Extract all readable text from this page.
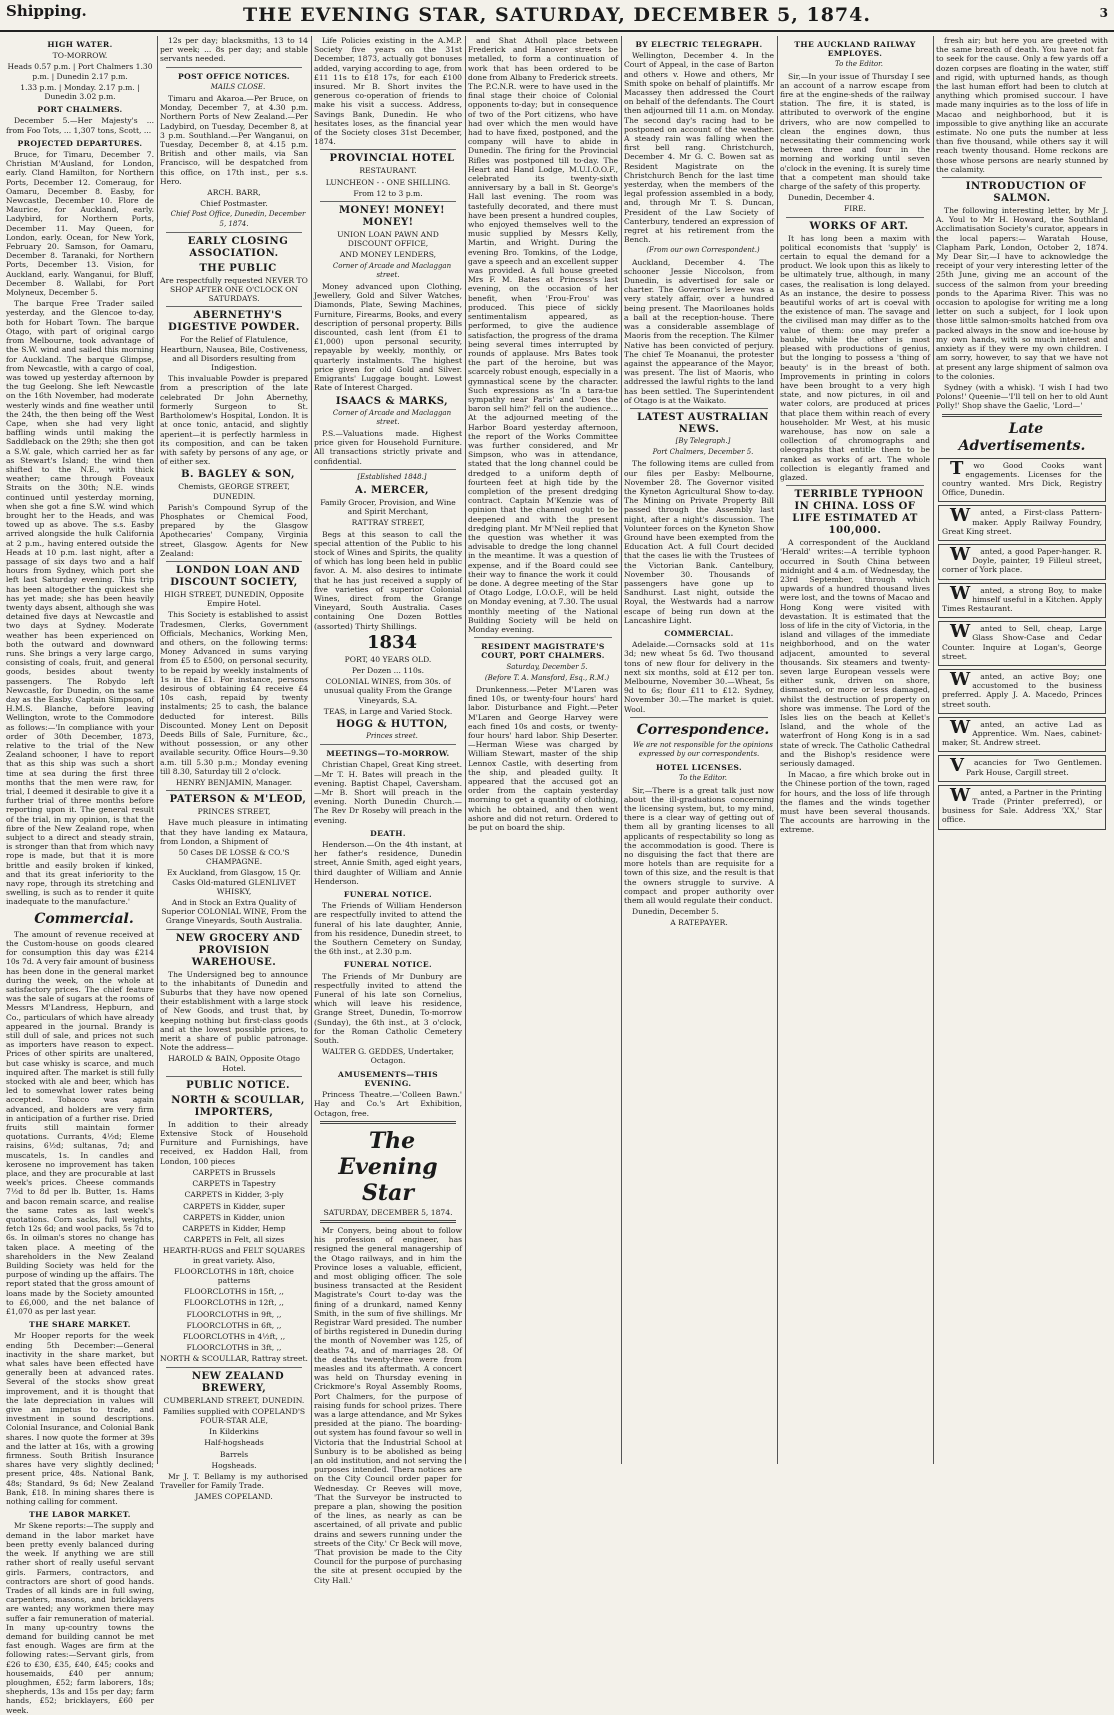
Shipping.	THE EVENING STAR, SATURDAY, DECEMBER 5, 1874.	3

HIGH WATER.

TO-MORROW.

Heads 0.57 p.m. | Port Chalmers 1.30 p.m. | Dunedin 2.17 p.m.

1.33 p.m. | Monday. 2.17 p.m. | Dunedin 3.02 p.m.

PORT CHALMERS.

December 5.—Her Majesty's ... from Foo Tots, ... 1,307 tons, Scott, ...

PROJECTED DEPARTURES.

Bruce, for Timaru, December 7. Christian M'Ausland, for London, early. Cland Hamilton, for Northern Ports, December 12. Comeraug, for Oamaru, December 8. Easby, for Newcastle, December 10. Flore de Maurice, for Auckland, early. Ladybird, for Northern Ports, December 11. May Queen, for London, early. Ocean, for New York, February 20. Samson, for Oamaru, December 8. Taranaki, for Northern Ports, December 13. Vision, for Auckland, early. Wanganui, for Bluff, December 8. Wallabi, for Port Molyneux, December 5.

The barque Free Trader sailed yesterday, and the Glencoe to-day, both for Hobart Town. The barque Otago, with part of original cargo from Melbourne, took advantage of the S.W. wind and sailed this morning for Auckland. The barque Glimpse, from Newcastle, with a cargo of coal, was towed up yesterday afternoon by the tug Geelong. She left Newcastle on the 16th November, had moderate westerly winds and fine weather until the 24th, the then being off the West Cape, when she had very light baffling winds until making the Saddleback on the 29th; she then got a S.W. gale, which carried her as far as Stewart's Island; the wind then shifted to the N.E., with thick weather; came through Foveaux Straits on the 30th; N.E. winds continued until yesterday morning, when she got a fine S.W. wind which brought her to the Heads, and was towed up as above. The s.s. Easby arrived alongside the hulk California at 2 p.m., having entered outside the Heads at 10 p.m. last night, after a passage of six days two and a half hours from Sydney, which port she left last Saturday evening. This trip has been altogether the quickest she has yet made; she has been heavily twenty days absent, although she was detained five days at Newcastle and two days at Sydney. Moderate weather has been experienced on both the outward and downward runs. She brings a very large cargo, consisting of coals, fruit, and general goods, besides about twenty passengers. The Robydo left Newcastle, for Dunedin, on the same day as the Easby. Captain Simpson, of H.M.S. Blanche, before leaving Wellington, wrote to the Commodore as follows:—'In compliance with your order of 30th December, 1873, relative to the trial of the New Zealand schooner, I have to report that as this ship was such a short time at sea during the first three months that the men were raw, for trial, I deemed it desirable to give it a further trial of three months before reporting upon it. The general result of the trial, in my opinion, is that the fibre of the New Zealand rope, when subject to a direct and steady strain, is stronger than that from which navy rope is made, but that it is more brittle and easily broken if kinked, and that its great inferiority to the navy rope, through its stretching and swelling, is such as to render it quite inadequate to the manufacture.'

Commercial.

The amount of revenue received at the Custom-house on goods cleared for consumption this day was £214 10s 7d. A very fair amount of business has been done in the general market during the week, on the whole at satisfactory prices. The chief feature was the sale of sugars at the rooms of Messrs M'Landress, Hepburn, and Co., particulars of which have already appeared in the journal. Brandy is still dull of sale, and prices not such as importers have reason to expect. Prices of other spirits are unaltered, but case whisky is scarce, and much inquired after. The market is still fully stocked with ale and beer, which has led to somewhat lower rates being accepted. Tobacco was again advanced, and holders are very firm in anticipation of a further rise. Dried fruits still maintain former quotations. Currants, 4½d; Eleme raisins, 6½d; sultanas, 7d; and muscatels, 1s. In candles and kerosene no improvement has taken place, and they are procurable at last week's prices. Cheese commands 7½d to 8d per lb. Butter, 1s. Hams and bacon remain scarce, and realise the same rates as last week's quotations. Corn sacks, full weights, fetch 12s 6d; and wool packs, 5s 7d to 6s. In oilman's stores no change has taken place. A meeting of the shareholders in the New Zealand Building Society was held for the purpose of winding up the affairs. The report stated that the gross amount of loans made by the Society amounted to £6,000, and the net balance of £1,070 as per last year.

THE SHARE MARKET.

Mr Hooper reports for the week ending 5th December:—General inactivity in the share market, but what sales have been effected have generally been at advanced rates. Several of the stocks show great improvement, and it is thought that the late depreciation in values will give an impetus to trade, and investment in sound descriptions. Colonial Insurance, and Colonial Bank shares. I now quote the former at 39s and the latter at 16s, with a growing firmness. South British Insurance shares have very slightly declined; present price, 48s. National Bank, 48s; Standard, 9s 6d; New Zealand Bank, £18. In mining shares there is nothing calling for comment.

THE LABOR MARKET.

Mr Skene reports:—The supply and demand in the labor market have been pretty evenly balanced during the week. If anything we are still rather short of really useful servant girls. Farmers, contractors, and contractors are short of good hands. Trades of all kinds are in full swing, carpenters, masons, and bricklayers are wanted; any workmen there may suffer a fair remuneration of material. In many up-country towns the demand for building cannot be met fast enough. Wages are firm at the following rates:—Servant girls, from £26 to £30, £35, £40, £45; cooks and housemaids, £40 per annum; ploughmen, £52; farm laborers, 18s; shepherds, 13s and 15s per day; farm hands, £52; bricklayers, £60 per week.

12s per day; blacksmiths, 13 to 14 per week; ... 8s per day; and stable servants needed.

POST OFFICE NOTICES.

MAILS CLOSE.

Timaru and Akaroa.—Per Bruce, on Monday, December 7, at 4.30 p.m. Northern Ports of New Zealand.—Per Ladybird, on Tuesday, December 8, at 3 p.m. Southland.—Per Wanganui, on Tuesday, December 8, at 4.15 p.m. British and other mails, via San Francisco, will be despatched from this office, on 17th inst., per s.s. Hero.

ARCH. BARR,

Chief Postmaster.

Chief Post Office, Dunedin, December 5, 1874.

EARLY CLOSING ASSOCIATION.

THE PUBLIC

Are respectfully requested NEVER TO SHOP AFTER ONE O'CLOCK ON SATURDAYS.

ABERNETHY'S DIGESTIVE POWDER.

For the Relief of Flatulence, Heartburn, Nausea, Bile, Costiveness, and all Disorders resulting from Indigestion.

This invaluable Powder is prepared from a prescription of the late celebrated Dr John Abernethy, formerly Surgeon to St. Bartholomew's Hospital, London. It is at once tonic, antacid, and slightly aperient—it is perfectly harmless in its composition, and can be taken with safety by persons of any age, or of either sex.

B. BAGLEY & SON,

Chemists, GEORGE STREET, DUNEDIN.

Parish's Compound Syrup of the Phosphates or Chemical Food, prepared by the Glasgow Apothecaries' Company, Virginia street, Glasgow. Agents for New Zealand:

LONDON LOAN AND DISCOUNT SOCIETY,

HIGH STREET, DUNEDIN, Opposite Empire Hotel.

This Society is established to assist Tradesmen, Clerks, Government Officials, Mechanics, Working Men, and others, on the following terms: Money Advanced in sums varying from £5 to £500, on personal security, to be repaid by weekly instalments of 1s in the £1. For instance, persons desirous of obtaining £4 receive £4 10s cash, repaid by twenty instalments; 25 to cash, the balance deducted for interest. Bills Discounted. Money Lent on Deposit Deeds Bills of Sale, Furniture, &c., without possession, or any other available security. Office Hours—9.30 a.m. till 5.30 p.m.; Monday evening till 8.30, Saturday till 2 o'clock.

HENRY BENJAMIN, Manager.

PATERSON & M'LEOD,

PRINCES STREET,

Have much pleasure in intimating that they have landing ex Mataura, from London, a Shipment of

50 Cases DE LOSSE & CO.'S CHAMPAGNE.

Ex Auckland, from Glasgow, 15 Qr. Casks Old-matured GLENLIVET WHISKY,

And in Stock an Extra Quality of Superior COLONIAL WINE, From the Grange Vineyards, South Australia.

NEW GROCERY AND PROVISION WAREHOUSE.

The Undersigned beg to announce to the inhabitants of Dunedin and Suburbs that they have now opened their establishment with a large stock of New Goods, and trust that, by keeping nothing but first-class goods and at the lowest possible prices, to merit a share of public patronage. Note the address—

HAROLD & BAIN, Opposite Otago Hotel.

PUBLIC NOTICE.

NORTH & SCOULLAR, IMPORTERS,

In addition to their already Extensive Stock of Household Furniture and Furnishings, have received, ex Haddon Hall, from London, 100 pieces

CARPETS in Brussels

CARPETS in Tapestry

CARPETS in Kidder, 3-ply

CARPETS in Kidder, super

CARPETS in Kidder, union

CARPETS in Kidder, Hemp

CARPETS in Felt, all sizes

HEARTH-RUGS and FELT SQUARES in great variety. Also,

FLOORCLOTHS in 18ft, choice patterns

FLOORCLOTHS in 15ft, ,,

FLOORCLOTHS in 12ft, ,,

FLOORCLOTHS in 9ft, ,,

FLOORCLOTHS in 6ft, ,,

FLOORCLOTHS in 4½ft, ,,

FLOORCLOTHS in 3ft, ,,

NORTH & SCOULLAR, Rattray street.

NEW ZEALAND BREWERY,

CUMBERLAND STREET, DUNEDIN.

Families supplied with COPELAND'S FOUR-STAR ALE,

In Kilderkins

Half-hogsheads

Barrels

Hogsheads.

Mr J. T. Bellamy is my authorised Traveller for Family Trade.

JAMES COPELAND.

Life Policies existing in the A.M.P. Society five years on the 31st December, 1873, actually got bonuses added, varying according to age, from £11 11s to £18 17s, for each £100 insured. Mr B. Short invites the generous co-operation of friends to make his visit a success. Address, Savings Bank, Dunedin. He who hesitates loses, as the financial year of the Society closes 31st December, 1874.

PROVINCIAL HOTEL

RESTAURANT.

LUNCHEON - - ONE SHILLING.

From 12 to 3 p.m.

MONEY! MONEY! MONEY!

UNION LOAN PAWN AND DISCOUNT OFFICE,

AND MONEY LENDERS,

Corner of Arcade and Maclaggan street.

Money advanced upon Clothing, Jewellery, Gold and Silver Watches, Diamonds, Plate, Sewing Machines, Furniture, Firearms, Books, and every description of personal property. Bills discounted, cash lent (from £1 to £1,000) upon personal security, repayable by weekly, monthly, or quarterly instalments. The highest price given for old Gold and Silver. Emigrants' Luggage bought. Lowest Rate of Interest Charged.

ISAACS & MARKS,

Corner of Arcade and Maclaggan street.

P.S.—Valuations made. Highest price given for Household Furniture. All transactions strictly private and confidential.

[Established 1848.]

A. MERCER,

Family Grocer, Provision, and Wine and Spirit Merchant,

RATTRAY STREET,

Begs at this season to call the special attention of the Public to his stock of Wines and Spirits, the quality of which has long been held in public favor. A. M. also desires to intimate that he has just received a supply of five varieties of superior Colonial Wines, direct from the Grange Vineyard, South Australia. Cases containing One Dozen Bottles (assorted) Thirty Shillings.

1834

PORT, 40 YEARS OLD.

Per Dozen ... 110s.

COLONIAL WINES, from 30s. of unusual quality From the Grange Vineyards, S.A.

TEAS, in Large and Varied Stock.

HOGG & HUTTON,

Princes street.

MEETINGS—TO-MORROW.

Christian Chapel, Great King street.—Mr T. H. Bates will preach in the evening. Baptist Chapel, Caversham.—Mr B. Short will preach in the evening. North Dunedin Church.—The Rev Dr Roseby will preach in the evening.

DEATH.

Henderson.—On the 4th instant, at her father's residence, Dunedin street, Annie Smith, aged eight years, third daughter of William and Annie Henderson.

FUNERAL NOTICE.

The Friends of William Henderson are respectfully invited to attend the funeral of his late daughter, Annie, from his residence, Dunedin street, to the Southern Cemetery on Sunday, the 6th inst., at 2.30 p.m.

FUNERAL NOTICE.

The Friends of Mr Dunbury are respectfully invited to attend the Funeral of his late son Cornelius, which will leave his residence, Grange Street, Dunedin, To-morrow (Sunday), the 6th inst., at 3 o'clock, for the Roman Catholic Cemetery South.

WALTER G. GEDDES, Undertaker, Octagon.

AMUSEMENTS—THIS EVENING.

Princess Theatre.—'Colleen Bawn.' Hay and Co.'s Art Exhibition, Octagon, free.

The Evening Star

SATURDAY, DECEMBER 5, 1874.

Mr Conyers, being about to follow his profession of engineer, has resigned the general managership of the Otago railways, and in him the Province loses a valuable, efficient, and most obliging officer. The sole business transacted at the Resident Magistrate's Court to-day was the fining of a drunkard, named Kenny Smith, in the sum of five shillings. Mr Registrar Ward presided. The number of births registered in Dunedin during the month of November was 125, of deaths 74, and of marriages 28. Of the deaths twenty-three were from measles and its aftermath. A concert was held on Thursday evening in Crickmore's Royal Assembly Rooms, Port Chalmers, for the purpose of raising funds for school prizes. There was a large attendance, and Mr Sykes presided at the piano. The boarding-out system has found favour so well in Victoria that the Industrial School at Sunbury is to be abolished as being an old institution, and not serving the purposes intended. Thera notices are on the City Council order paper for Wednesday. Cr Reeves will move, 'That the Surveyor be instructed to prepare a plan, showing the position of the lines, as nearly as can be ascertained, of all private and public drains and sewers running under the streets of the City.' Cr Beck will move, 'That provision be made to the City Council for the purpose of purchasing the site at present occupied by the City Hall.'

and Shat Atholl place between Frederick and Hanover streets be metalled, to form a continuation of work that has been ordered to be done from Albany to Frederick streets. The P.C.N.R. were to have used in the final stage their choice of Colonial opponents to-day; but in consequence of two of the Port citizens, who have had over which the men would have had to have fixed, postponed, and the company will have to abide in Dunedin. The firing for the Provincial Rifles was postponed till to-day. The Heart and Hand Lodge, M.U.I.O.O.F., celebrated its twenty-sixth anniversary by a ball in St. George's Hall last evening. The room was tastefully decorated, and there must have been present a hundred couples, who enjoyed themselves well to the music supplied by Messrs Kelly, Martin, and Wright. During the evening Bro. Tomkins, of the Lodge, gave a speech and an excellent supper was provided. A full house greeted Mrs F. M. Bates at Princess's last evening, on the occasion of her benefit, when 'Frou-Frou' was produced. This piece of sickly sentimentalism appeared, as performed, to give the audience satisfaction, the progress of the drama being several times interrupted by rounds of applause. Mrs Bates took the part of the heroine, but was scarcely robust enough, especially in a gymnastical scene by the character. Such expressions as 'In a tara-tue sympathy near Paris' and 'Does the baron sell him?' fell on the audience... At the adjourned meeting of the Harbor Board yesterday afternoon, the report of the Works Committee was further considered, and Mr Simpson, who was in attendance, stated that the long channel could be dredged to a uniform depth of fourteen feet at high tide by the completion of the present dredging contract. Captain M'Kenzie was of opinion that the channel ought to be deepened and with the present dredging plant. Mr M'Neil replied that the question was whether it was advisable to dredge the long channel in the meantime. It was a question of expense, and if the Board could see their way to finance the work it could be done. A degree meeting of the Star of Otago Lodge, I.O.O.F., will be held on Monday evening, at 7.30. The usual monthly meeting of the National Building Society will be held on Monday evening.

RESIDENT MAGISTRATE'S COURT, PORT CHALMERS.

Saturday, December 5.

(Before T. A. Mansford, Esq., R.M.)

Drunkenness.—Peter M'Laren was fined 10s, or twenty-four hours' hard labor. Disturbance and Fight.—Peter M'Laren and George Harvey were each fined 10s and costs, or twenty-four hours' hard labor. Ship Deserter.—Herman Wiese was charged by William Stewart, master of the ship Lennox Castle, with deserting from the ship, and pleaded guilty. It appeared that the accused got an order from the captain yesterday morning to get a quantity of clothing, which he obtained, and then went ashore and did not return. Ordered to be put on board the ship.

BY ELECTRIC TELEGRAPH.

Wellington, December 4. In the Court of Appeal, in the case of Barton and others v. Howe and others, Mr Smith spoke on behalf of plaintiffs. Mr Macassey then addressed the Court on behalf of the defendants. The Court then adjourned till 11 a.m. on Monday. The second day's racing had to be postponed on account of the weather. A steady rain was falling when the first bell rang. Christchurch, December 4. Mr G. C. Bowen sat as Resident Magistrate on the Christchurch Bench for the last time yesterday, when the members of the legal profession assembled in a body, and, through Mr T. S. Duncan, President of the Law Society of Canterbury, tendered an expression of regret at his retirement from the Bench.

(From our own Correspondent.)

Auckland, December 4. The schooner Jessie Niccolson, from Dunedin, is advertised for sale or charter. The Governor's levee was a very stately affair, over a hundred being present. The Maoriloanes holds a ball at the reception-house. There was a considerable assemblage of Maoris from the reception. The Kilmer Native has been convicted of perjury. The chief Te Moananui, the protester against the appearance of the Mayor, was present. The list of Maoris, who addressed the lawful rights to the land has been settled. The Superintendent of Otago is at the Waikato.

LATEST AUSTRALIAN NEWS.

[By Telegraph.]

Port Chalmers, December 5.

The following items are culled from our files per Easby: Melbourne, November 28. The Governor visited the Kyneton Agricultural Show to-day. The Mining on Private Property Bill passed through the Assembly last night, after a night's discussion. The Volunteer forces on the Kyneton Show Ground have been exempted from the Education Act. A full Court decided that the cases lie with the Trustees of the Victorian Bank. Cantelbury, November 30. Thousands of passengers have gone up to Sandhurst. Last night, outside the Royal, the Westwards had a narrow escape of being run down at the Lancashire Light.

COMMERCIAL.

Adelaide.—Cornsacks sold at 11s 3d; new wheat 5s 6d. Two thousand tons of new flour for delivery in the next six months, sold at £12 per ton. Melbourne, November 30.—Wheat, 5s 9d to 6s; flour £11 to £12. Sydney, November 30.—The market is quiet. Wool.

Correspondence.

We are not responsible for the opinions expressed by our correspondents.

HOTEL LICENSES.

To the Editor.

Sir,—There is a great talk just now about the ill-graduations concerning the licensing system, but, to my mind, there is a clear way of getting out of them all by granting licenses to all applicants of respectability so long as the accommodation is good. There is no disguising the fact that there are more hotels than are requisite for a town of this size, and the result is that the owners struggle to survive. A compact and proper authority over them all would regulate their conduct.

Dunedin, December 5.

A RATEPAYER.

THE AUCKLAND RAILWAY EMPLOYES.

To the Editor.

Sir,—In your issue of Thursday I see an account of a narrow escape from fire at the engine-sheds of the railway station. The fire, it is stated, is attributed to overwork of the engine drivers, who are now compelled to clean the engines down, thus necessitating their commencing work between three and four in the morning and working until seven o'clock in the evening. It is surely time that a competent man should take charge of the safety of this property.

Dunedin, December 4.

FIRE.

WORKS OF ART.

It has long been a maxim with political economists that 'supply' is certain to equal the demand for a product. We look upon this as likely to be ultimately true, although, in many cases, the realisation is long delayed. As an instance, the desire to possess beautiful works of art is coeval with the existence of man. The savage and the civilised man may differ as to the value of them: one may prefer a bauble, while the other is most pleased with productions of genius, but the longing to possess a 'thing of beauty' is in the breast of both. Improvements in printing in colors have been brought to a very high state, and now pictures, in oil and water colors, are produced at prices that place them within reach of every householder. Mr West, at his music warehouse, has now on sale a collection of chromographs and oleographs that entitle them to be ranked as works of art. The whole collection is elegantly framed and glazed.

TERRIBLE TYPHOON IN CHINA. LOSS OF LIFE ESTIMATED AT 100,000.

A correspondent of the Auckland 'Herald' writes:—A terrible typhoon occurred in South China between midnight and 4 a.m. of Wednesday, the 23rd September, through which upwards of a hundred thousand lives were lost, and the towns of Macao and Hong Kong were visited with devastation. It is estimated that the loss of life in the city of Victoria, in the island and villages of the immediate neighborhood, and on the water adjacent, amounted to several thousands. Six steamers and twenty-seven large European vessels were either sunk, driven on shore, dismasted, or more or less damaged, whilst the destruction of property on shore was immense. The Lord of the Isles lies on the beach at Kellet's Island, and the whole of the waterfront of Hong Kong is in a sad state of wreck. The Catholic Cathedral and the Bishop's residence were seriously damaged.

In Macao, a fire which broke out in the Chinese portion of the town, raged for hours, and the loss of life through the flames and the winds together must have been several thousands. The accounts are harrowing in the extreme.

fresh air; but here you are greeted with the same breath of death. You have not far to seek for the cause. Only a few yards off a dozen corpses are floating in the water, stiff and rigid, with upturned hands, as though the last human effort had been to clutch at anything which promised succour. I have made many inquiries as to the loss of life in Macao and neighborhood, but it is impossible to give anything like an accurate estimate. No one puts the number at less than five thousand, while others say it will reach twenty thousand. Home reckons are those whose persons are nearly stunned by the calamity.

INTRODUCTION OF SALMON.

The following interesting letter, by Mr J. A. Youl to Mr H. Howard, the Southland Acclimatisation Society's curator, appears in the local papers:— Waratah House, Clapham Park, London, October 2, 1874. My Dear Sir,—I have to acknowledge the receipt of your very interesting letter of the 25th June, giving me an account of the success of the salmon from your breeding ponds to the Aparima River. This was no occasion to apologise for writing me a long letter on such a subject, for I look upon those little salmon-smolts hatched from ova packed always in the snow and ice-house by my own hands, with so much interest and anxiety as if they were my own children. I am sorry, however, to say that we have not at present any large shipment of salmon ova to the colonies.

Sydney (with a whisk). 'I wish I had two Polons!' Queenie—'I'll tell on her to old Aunt Polly!' Shop shave the Gaelic, 'Lord—'

Late Advertisements.

Two Good Cooks want engagements. Licenses for the country wanted. Mrs Dick, Registry Office, Dunedin.

Wanted, a First-class Pattern-maker. Apply Railway Foundry, Great King street.

Wanted, a good Paper-hanger. R. Doyle, painter, 19 Filleul street, corner of York place.

Wanted, a strong Boy, to make himself useful in a Kitchen. Apply Times Restaurant.

Wanted to Sell, cheap, Large Glass Show-Case and Cedar Counter. Inquire at Logan's, George street.

Wanted, an active Boy; one accustomed to the business preferred. Apply J. A. Macedo, Princes street south.

Wanted, an active Lad as Apprentice. Wm. Naes, cabinet-maker, St. Andrew street.

Vacancies for Two Gentlemen. Park House, Cargill street.

Wanted, a Partner in the Printing Trade (Printer preferred), or business for Sale. Address 'XX,' Star office.
